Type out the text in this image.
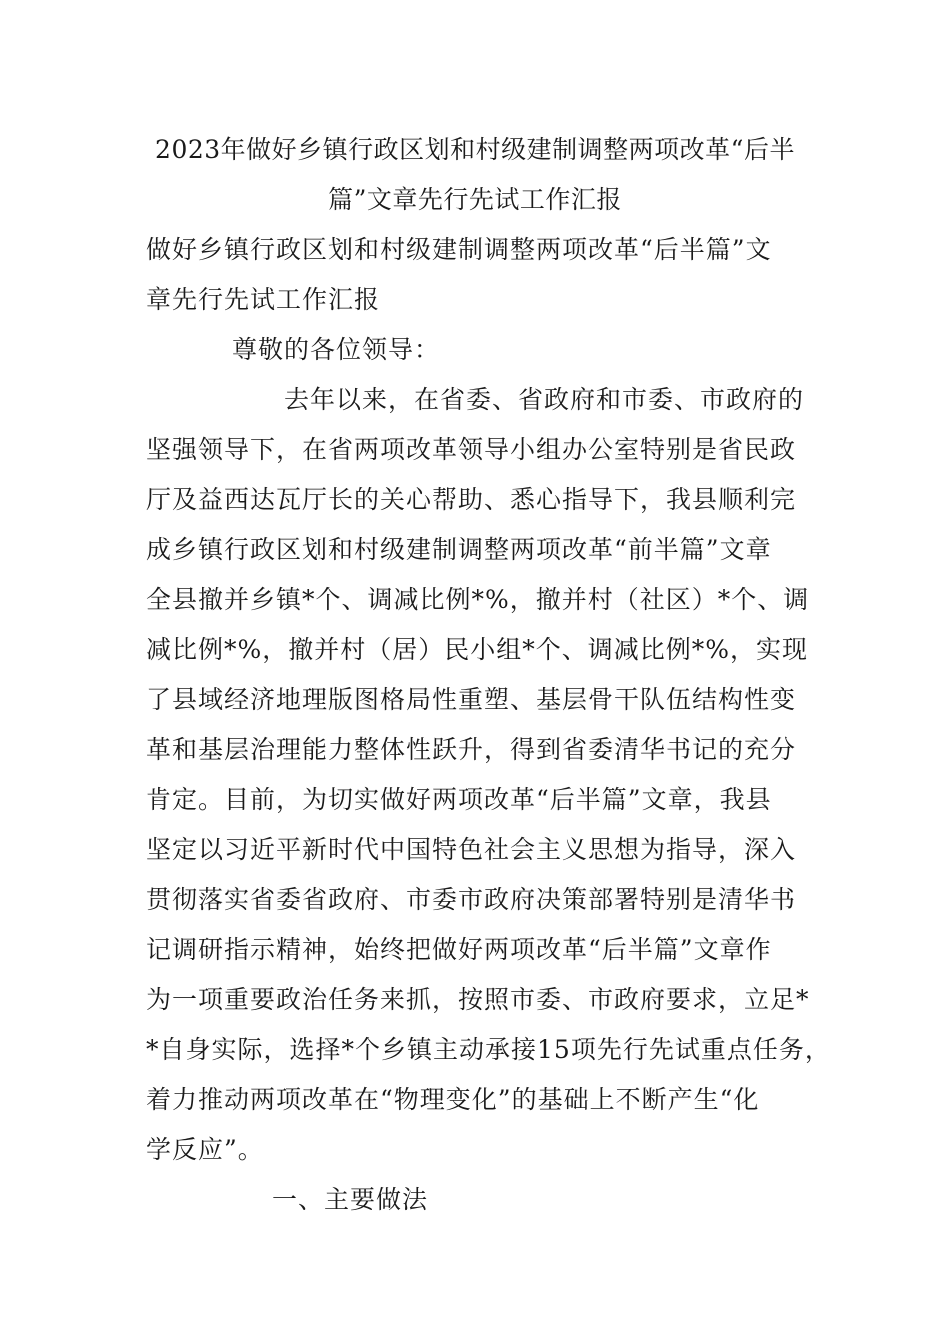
2023年做好乡镇行政区划和村级建制调整两项改革“后半
篇”文章先行先试工作汇报
做好乡镇行政区划和村级建制调整两项改革“后半篇”文
章先行先试工作汇报
尊敬的各位领导：
去年以来，在省委、省政府和市委、市政府的
坚强领导下，在省两项改革领导小组办公室特别是省民政
厅及益西达瓦厅长的关心帮助、悉心指导下，我县顺利完
成乡镇行政区划和村级建制调整两项改革“前半篇”文章
全县撤并乡镇*个、调减比例*%，撤并村（社区）*个、调
减比例*%，撤并村（居）民小组*个、调减比例*%，实现
了县域经济地理版图格局性重塑、基层骨干队伍结构性变
革和基层治理能力整体性跃升，得到省委清华书记的充分
肯定。目前，为切实做好两项改革“后半篇”文章，我县
坚定以习近平新时代中国特色社会主义思想为指导，深入
贯彻落实省委省政府、市委市政府决策部署特别是清华书
记调研指示精神，始终把做好两项改革“后半篇”文章作
为一项重要政治任务来抓，按照市委、市政府要求，立足*
*自身实际，选择*个乡镇主动承接15项先行先试重点任务，
着力推动两项改革在“物理变化”的基础上不断产生“化
学反应”。
一、主要做法
